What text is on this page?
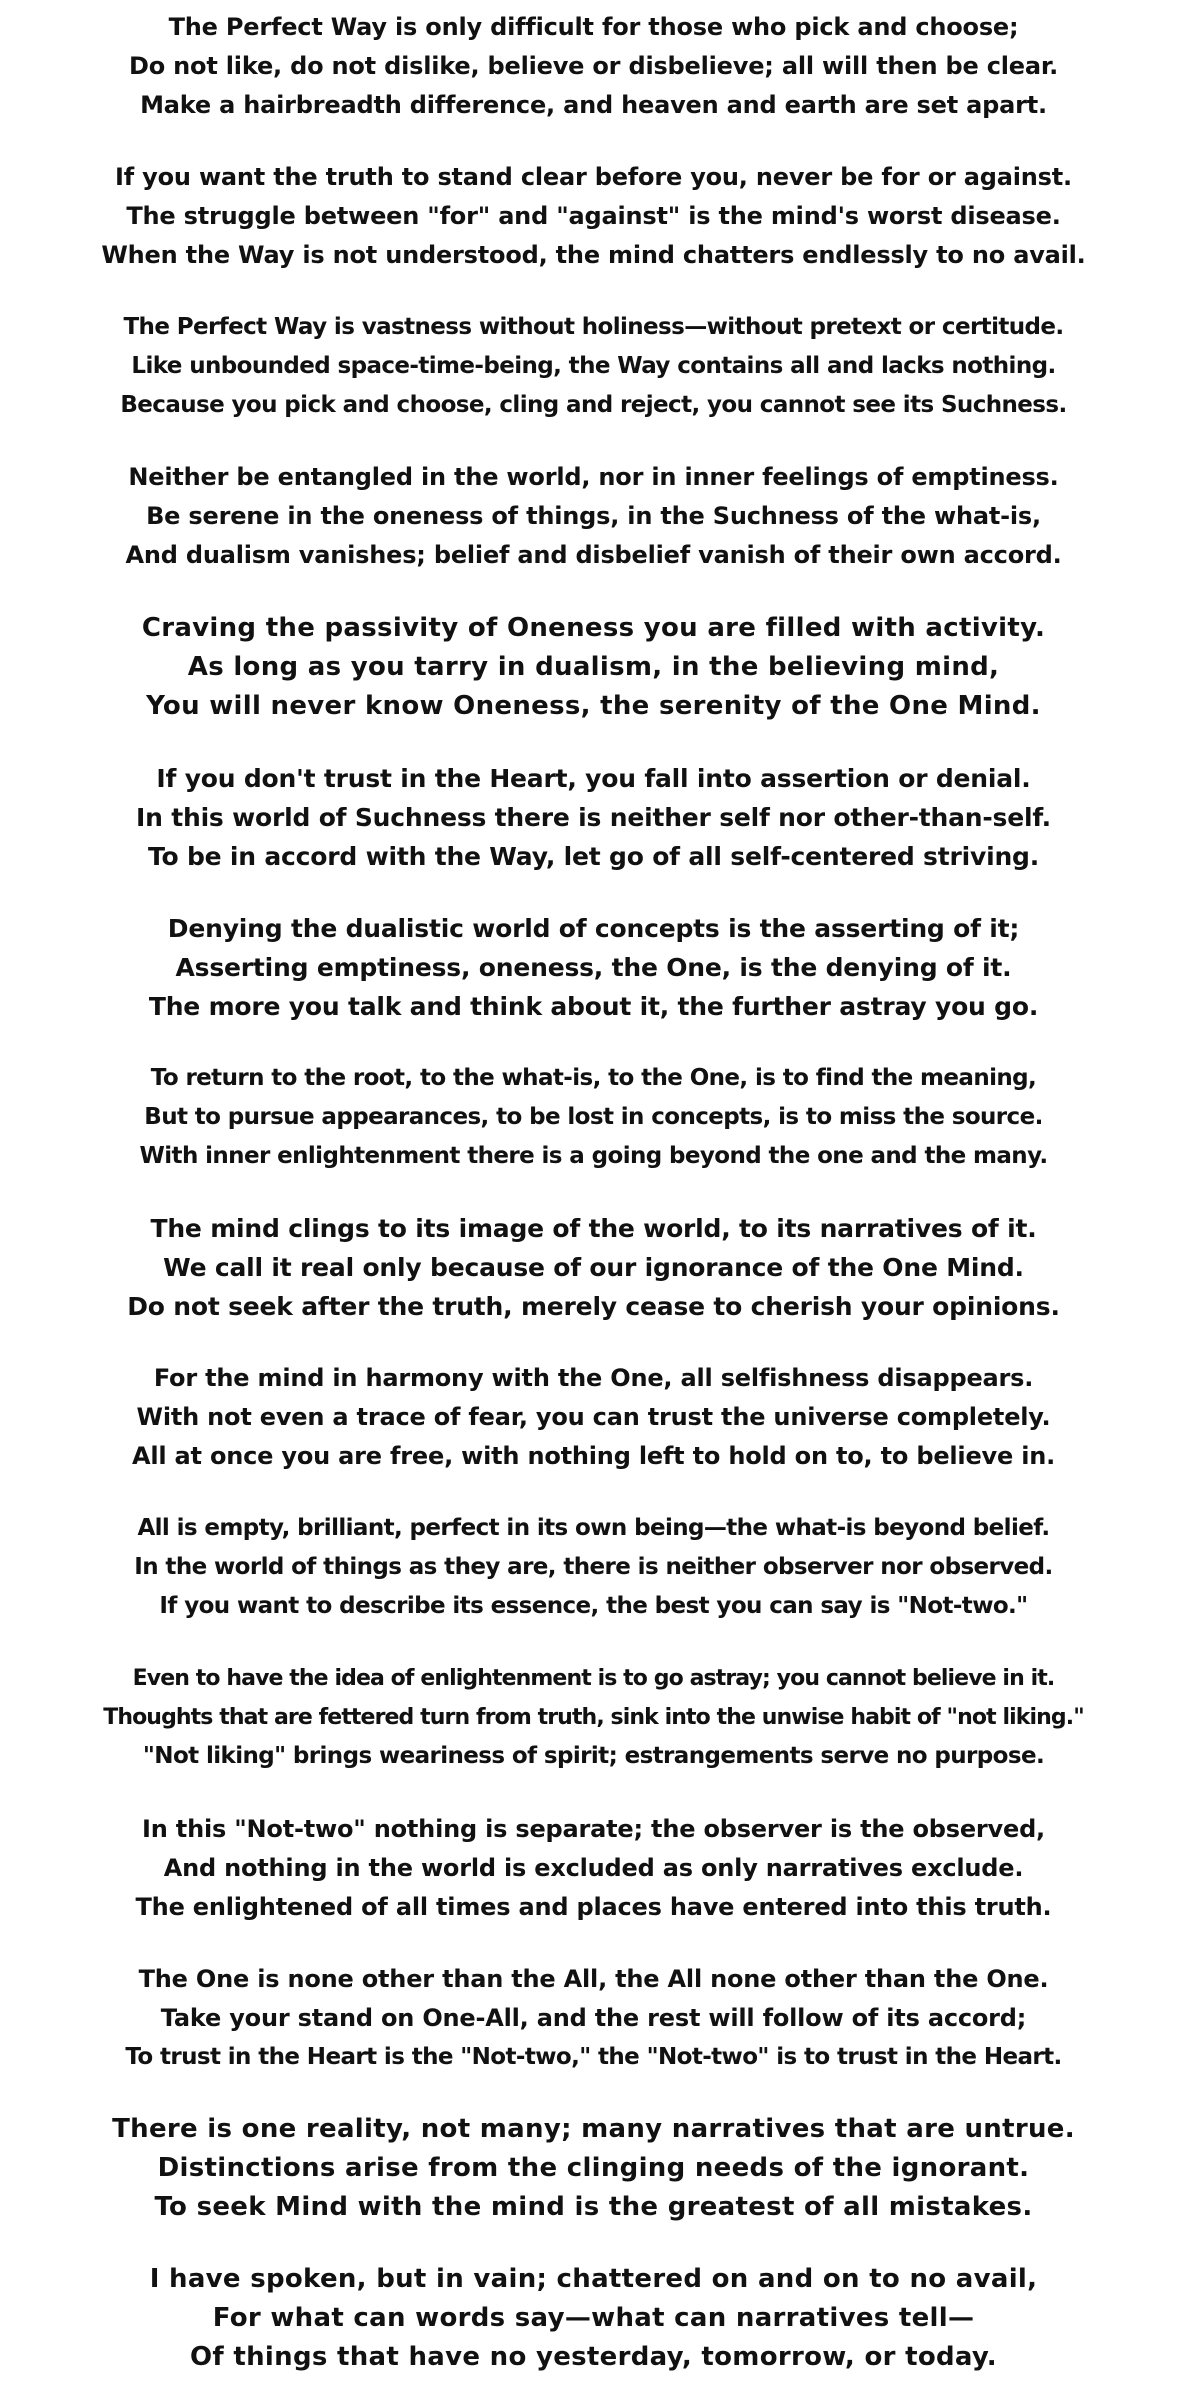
The Perfect Way is only difficult for those who pick and choose;
Do not like, do not dislike, believe or disbelieve; all will then be clear.
Make a hairbreadth difference, and heaven and earth are set apart.
If you want the truth to stand clear before you, never be for or against.
The struggle between "for" and "against" is the mind's worst disease.
When the Way is not understood, the mind chatters endlessly to no avail.
The Perfect Way is vastness without holiness—without pretext or certitude.
Like unbounded space-time-being, the Way contains all and lacks nothing.
Because you pick and choose, cling and reject, you cannot see its Suchness.
Neither be entangled in the world, nor in inner feelings of emptiness.
Be serene in the oneness of things, in the Suchness of the what-is,
And dualism vanishes; belief and disbelief vanish of their own accord.
Craving the passivity of Oneness you are filled with activity.
As long as you tarry in dualism, in the believing mind,
You will never know Oneness, the serenity of the One Mind.
If you don't trust in the Heart, you fall into assertion or denial.
In this world of Suchness there is neither self nor other-than-self.
To be in accord with the Way, let go of all self-centered striving.
Denying the dualistic world of concepts is the asserting of it;
Asserting emptiness, oneness, the One, is the denying of it.
The more you talk and think about it, the further astray you go.
To return to the root, to the what-is, to the One, is to find the meaning,
But to pursue appearances, to be lost in concepts, is to miss the source.
With inner enlightenment there is a going beyond the one and the many.
The mind clings to its image of the world, to its narratives of it.
We call it real only because of our ignorance of the One Mind.
Do not seek after the truth, merely cease to cherish your opinions.
For the mind in harmony with the One, all selfishness disappears.
With not even a trace of fear, you can trust the universe completely.
All at once you are free, with nothing left to hold on to, to believe in.
All is empty, brilliant, perfect in its own being—the what-is beyond belief.
In the world of things as they are, there is neither observer nor observed.
If you want to describe its essence, the best you can say is "Not-two."
Even to have the idea of enlightenment is to go astray; you cannot believe in it.
Thoughts that are fettered turn from truth, sink into the unwise habit of "not liking."
"Not liking" brings weariness of spirit; estrangements serve no purpose.
In this "Not-two" nothing is separate; the observer is the observed,
And nothing in the world is excluded as only narratives exclude.
The enlightened of all times and places have entered into this truth.
The One is none other than the All, the All none other than the One.
Take your stand on One-All, and the rest will follow of its accord;
To trust in the Heart is the "Not-two," the "Not-two" is to trust in the Heart.
There is one reality, not many; many narratives that are untrue.
Distinctions arise from the clinging needs of the ignorant.
To seek Mind with the mind is the greatest of all mistakes.
I have spoken, but in vain; chattered on and on to no avail,
For what can words say—what can narratives tell—
Of things that have no yesterday, tomorrow, or today.
